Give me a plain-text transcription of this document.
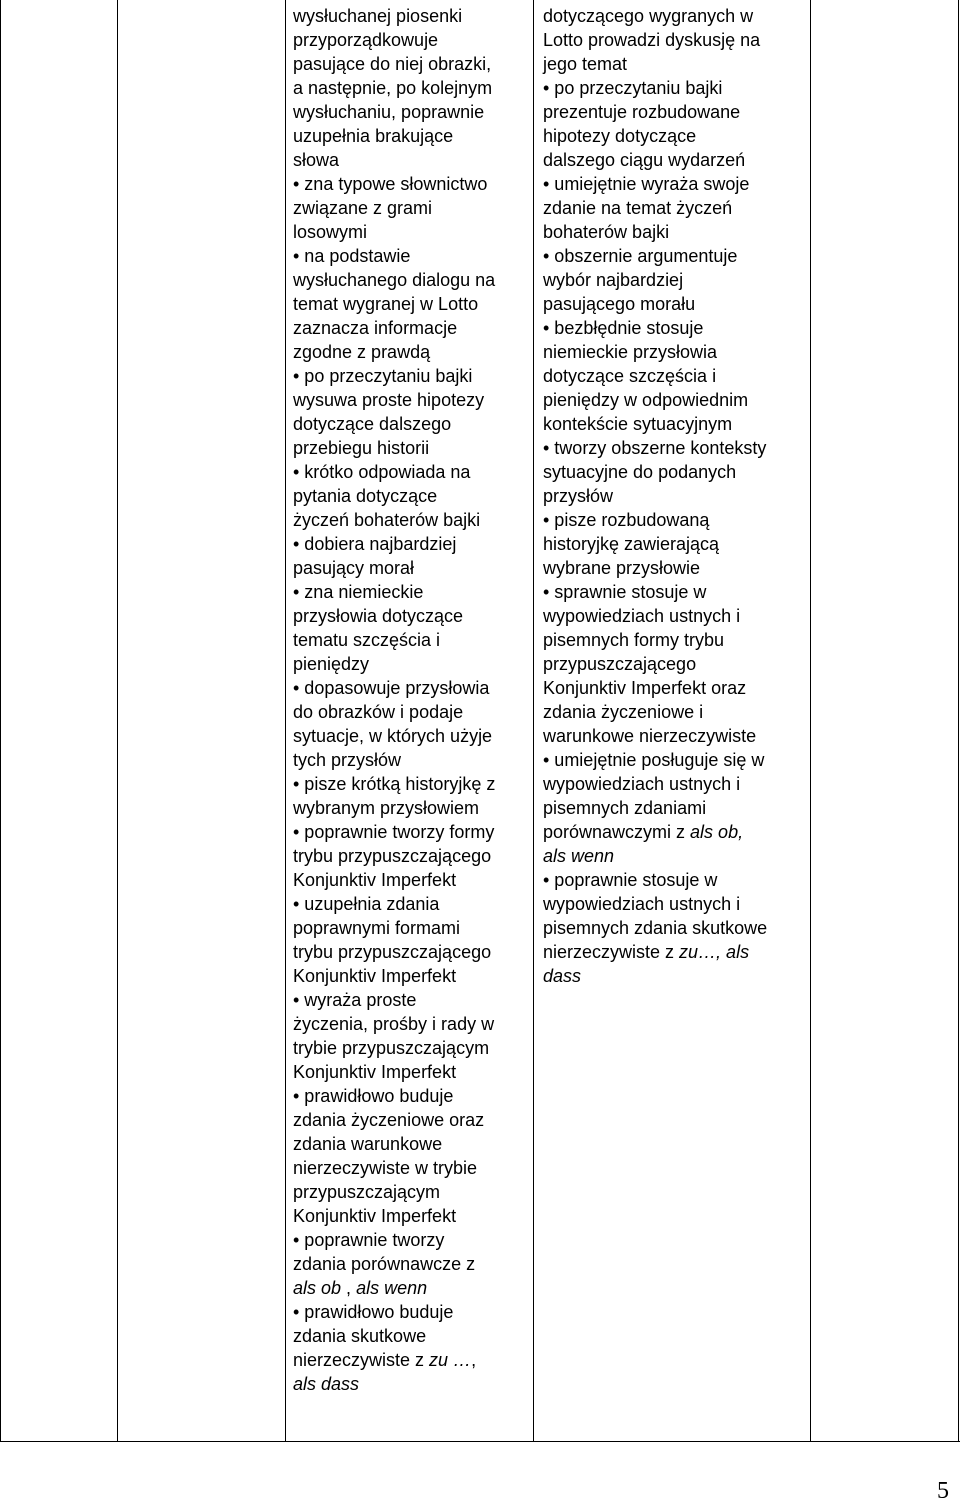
wysłuchanej piosenki
przyporządkowuje
pasujące do niej obrazki,
a następnie, po kolejnym
wysłuchaniu, poprawnie
uzupełnia brakujące
słowa
• zna typowe słownictwo
związane z grami
losowymi
• na podstawie
wysłuchanego dialogu na
temat wygranej w Lotto
zaznacza informacje
zgodne z prawdą
• po przeczytaniu bajki
wysuwa proste hipotezy
dotyczące dalszego
przebiegu historii
• krótko odpowiada na
pytania dotyczące
życzeń bohaterów bajki
• dobiera najbardziej
pasujący morał
• zna niemieckie
przysłowia dotyczące
tematu szczęścia i
pieniędzy
• dopasowuje przysłowia
do obrazków i podaje
sytuacje, w których użyje
tych przysłów
• pisze krótką historyjkę z
wybranym przysłowiem
• poprawnie tworzy formy
trybu przypuszczającego
Konjunktiv Imperfekt
• uzupełnia zdania
poprawnymi formami
trybu przypuszczającego
Konjunktiv Imperfekt
• wyraża proste
życzenia, prośby i rady w
trybie przypuszczającym
Konjunktiv Imperfekt
• prawidłowo buduje
zdania życzeniowe oraz
zdania warunkowe
nierzeczywiste w trybie
przypuszczającym
Konjunktiv Imperfekt
• poprawnie tworzy
zdania porównawcze z
als ob , als wenn
• prawidłowo buduje
zdania skutkowe
nierzeczywiste z zu …,
als dass
dotyczącego wygranych w
Lotto prowadzi dyskusję na
jego temat
• po przeczytaniu bajki
prezentuje rozbudowane
hipotezy dotyczące
dalszego ciągu wydarzeń
• umiejętnie wyraża swoje
zdanie na temat życzeń
bohaterów bajki
• obszernie argumentuje
wybór najbardziej
pasującego morału
• bezbłędnie stosuje
niemieckie przysłowia
dotyczące szczęścia i
pieniędzy w odpowiednim
kontekście sytuacyjnym
• tworzy obszerne konteksty
sytuacyjne do podanych
przysłów
• pisze rozbudowaną
historyjkę zawierającą
wybrane przysłowie
• sprawnie stosuje w
wypowiedziach ustnych i
pisemnych formy trybu
przypuszczającego
Konjunktiv Imperfekt oraz
zdania życzeniowe i
warunkowe nierzeczywiste
• umiejętnie posługuje się w
wypowiedziach ustnych i
pisemnych zdaniami
porównawczymi z als ob,
als wenn
• poprawnie stosuje w
wypowiedziach ustnych i
pisemnych zdania skutkowe
nierzeczywiste z zu…, als
dass
5
